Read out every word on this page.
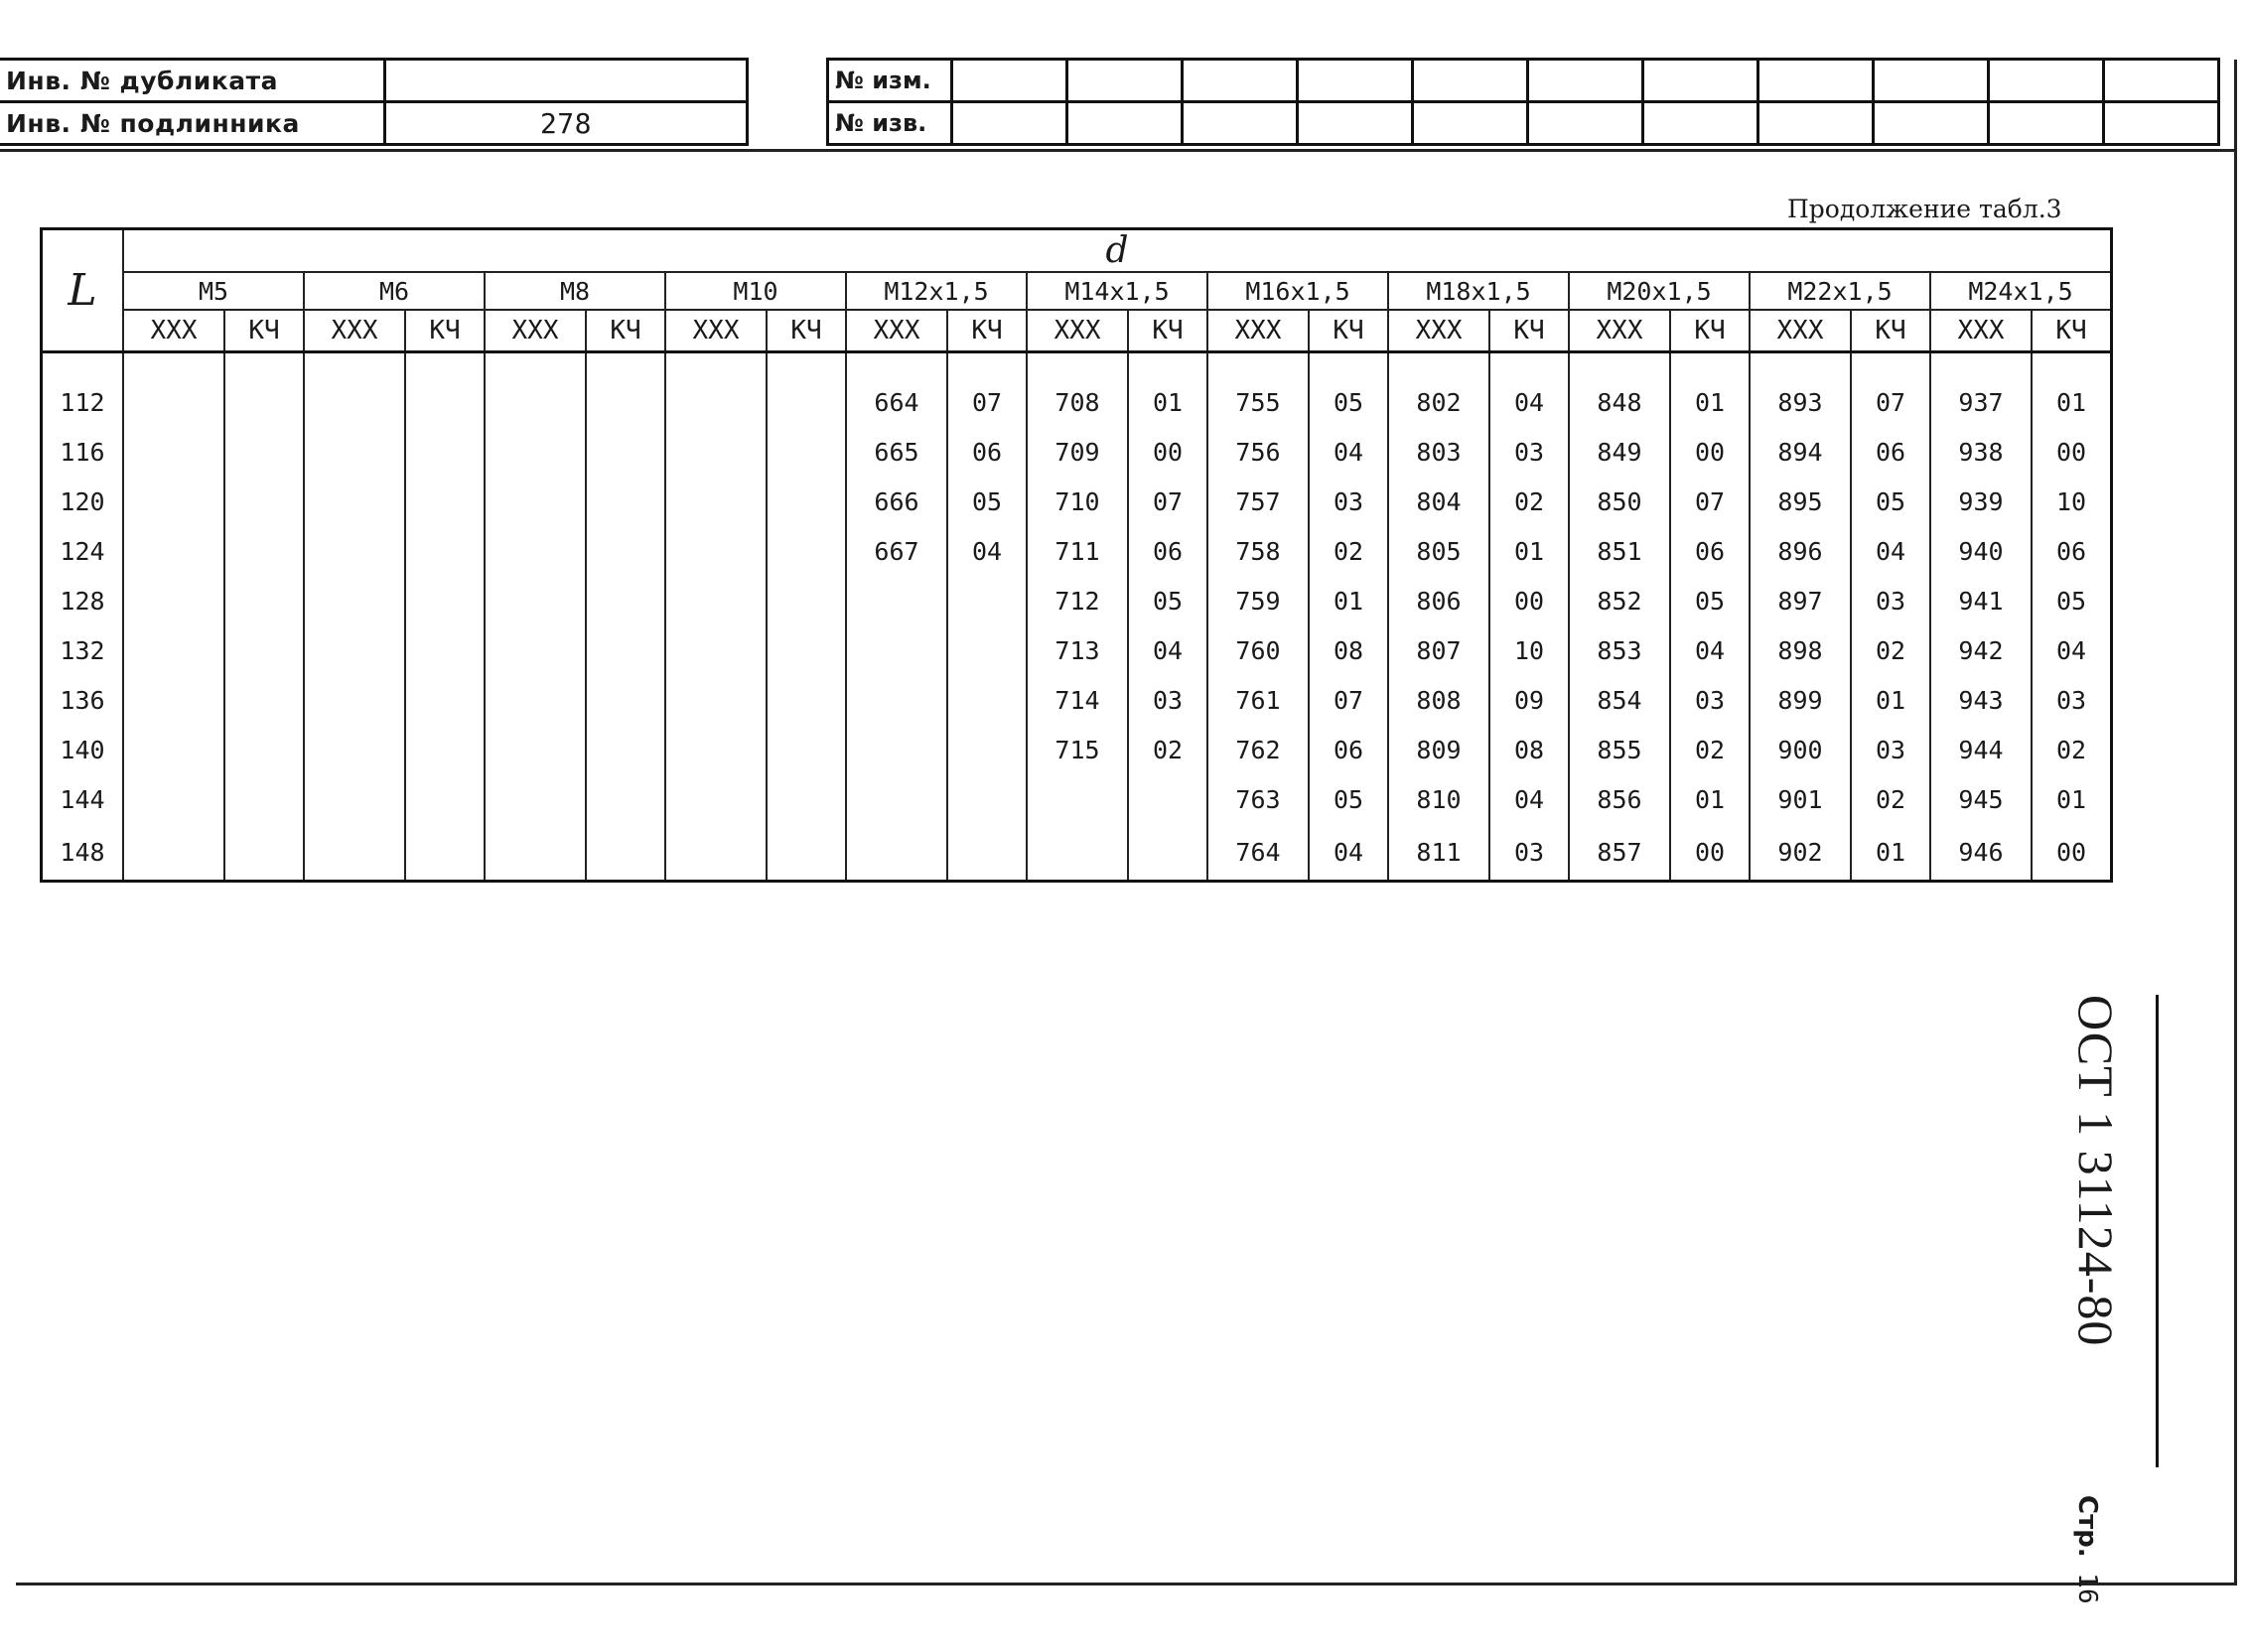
Инв. № дубликата	
Инв. № подлинника	278
№ изм.											
№ изв.											
Продолжение табл.3
L	d																					
	М5		М6		М8		М10		М12х1,5		М14х1,5		М16х1,5		М18х1,5		М20х1,5		М22х1,5		М24х1,5	
	ХХХ	КЧ	ХХХ	КЧ	ХХХ	КЧ	ХХХ	КЧ	ХХХ	КЧ	ХХХ	КЧ	ХХХ	КЧ	ХХХ	КЧ	ХХХ	КЧ	ХХХ	КЧ	ХХХ	КЧ

112									664	07	708	01	755	05	802	04	848	01	893	07	937	01
116									665	06	709	00	756	04	803	03	849	00	894	06	938	00
120									666	05	710	07	757	03	804	02	850	07	895	05	939	10
124									667	04	711	06	758	02	805	01	851	06	896	04	940	06
128											712	05	759	01	806	00	852	05	897	03	941	05
132											713	04	760	08	807	10	853	04	898	02	942	04
136											714	03	761	07	808	09	854	03	899	01	943	03
140											715	02	762	06	809	08	855	02	900	03	944	02
144													763	05	810	04	856	01	901	02	945	01
148													764	04	811	03	857	00	902	01	946	00
ОСТ 1 31124-80Стр. 16
